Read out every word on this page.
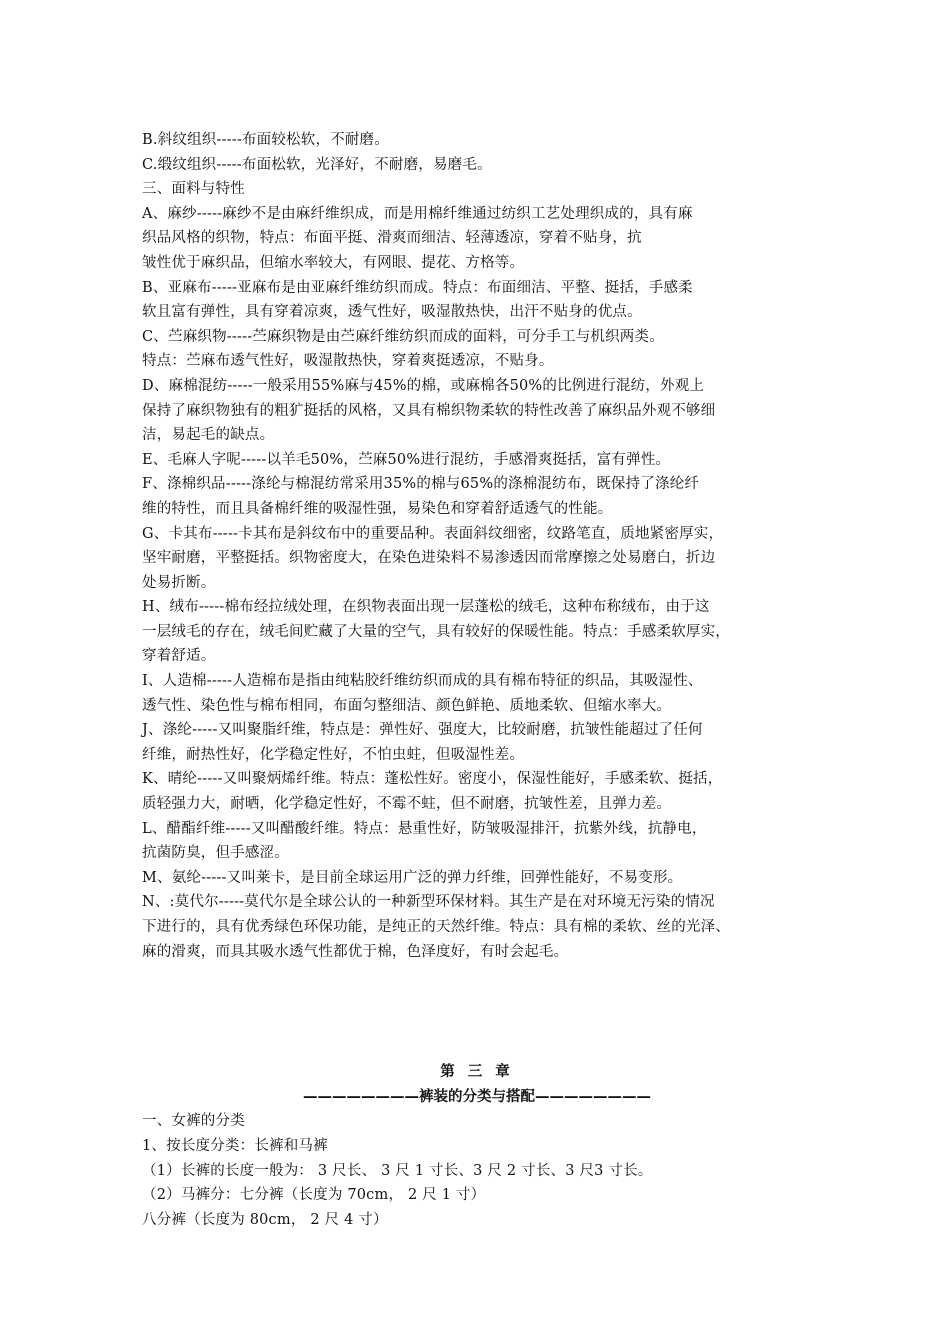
B.斜纹组织-----布面较松软，不耐磨。
C.缎纹组织-----布面松软，光泽好，不耐磨，易磨毛。
三、面料与特性
A、麻纱-----麻纱不是由麻纤维织成，而是用棉纤维通过纺织工艺处理织成的，具有麻
织品风格的织物，特点：布面平挺、滑爽而细洁、轻薄透凉，穿着不贴身，抗
皱性优于麻织品，但缩水率较大，有网眼、提花、方格等。
B、亚麻布-----亚麻布是由亚麻纤维纺织而成。特点：布面细洁、平整、挺括，手感柔
软且富有弹性，具有穿着凉爽，透气性好，吸湿散热快，出汗不贴身的优点。
C、苎麻织物-----苎麻织物是由苎麻纤维纺织而成的面料，可分手工与机织两类。
特点：苎麻布透气性好，吸湿散热快，穿着爽挺透凉，不贴身。
D、麻棉混纺-----一般采用55%麻与45%的棉，或麻棉各50%的比例进行混纺，外观上
保持了麻织物独有的粗犷挺括的风格，又具有棉织物柔软的特性改善了麻织品外观不够细
洁，易起毛的缺点。
E、毛麻人字呢-----以羊毛50%，苎麻50%进行混纺，手感滑爽挺括，富有弹性。
F、涤棉织品-----涤纶与棉混纺常采用35%的棉与65%的涤棉混纺布，既保持了涤纶纤
维的特性，而且具备棉纤维的吸湿性强，易染色和穿着舒适透气的性能。
G、卡其布-----卡其布是斜纹布中的重要品种。表面斜纹细密，纹路笔直，质地紧密厚实，
坚牢耐磨，平整挺括。织物密度大，在染色进染料不易渗透因而常摩擦之处易磨白，折边
处易折断。
H、绒布-----棉布经拉绒处理，在织物表面出现一层蓬松的绒毛，这种布称绒布，由于这
一层绒毛的存在，绒毛间贮藏了大量的空气，具有较好的保暖性能。特点：手感柔软厚实，
穿着舒适。
I、人造棉-----人造棉布是指由纯粘胶纤维纺织而成的具有棉布特征的织品，其吸湿性、
透气性、染色性与棉布相同，布面匀整细洁、颜色鲜艳、质地柔软、但缩水率大。
J、涤纶-----又叫聚脂纤维，特点是：弹性好、强度大，比较耐磨，抗皱性能超过了任何
纤维，耐热性好，化学稳定性好，不怕虫蛀，但吸湿性差。
K、晴纶-----又叫聚炳烯纤维。特点：蓬松性好。密度小，保湿性能好，手感柔软、挺括，
质轻强力大，耐晒，化学稳定性好，不霉不蛀，但不耐磨，抗皱性差，且弹力差。
L、醋酯纤维-----又叫醋酸纤维。特点：悬重性好，防皱吸湿排汗，抗紫外线，抗静电，
抗菌防臭，但手感涩。
M、氨纶-----又叫莱卡，是目前全球运用广泛的弹力纤维，回弹性能好，不易变形。
N、:莫代尔-----莫代尔是全球公认的一种新型环保材料。其生产是在对环境无污染的情况
下进行的，具有优秀绿色环保功能，是纯正的天然纤维。特点：具有棉的柔软、丝的光泽、
麻的滑爽，而具其吸水透气性都优于棉，色泽度好，有时会起毛。
第 三 章
————————裤装的分类与搭配————————
一、女裤的分类
1、按长度分类：长裤和马裤
（1）长裤的长度一般为： 3 尺长、 3 尺 1 寸长、3 尺 2 寸长、3 尺3 寸长。
（2）马裤分：七分裤（长度为 70cm， 2 尺 1 寸）
八分裤（长度为 80cm， 2 尺 4 寸）
